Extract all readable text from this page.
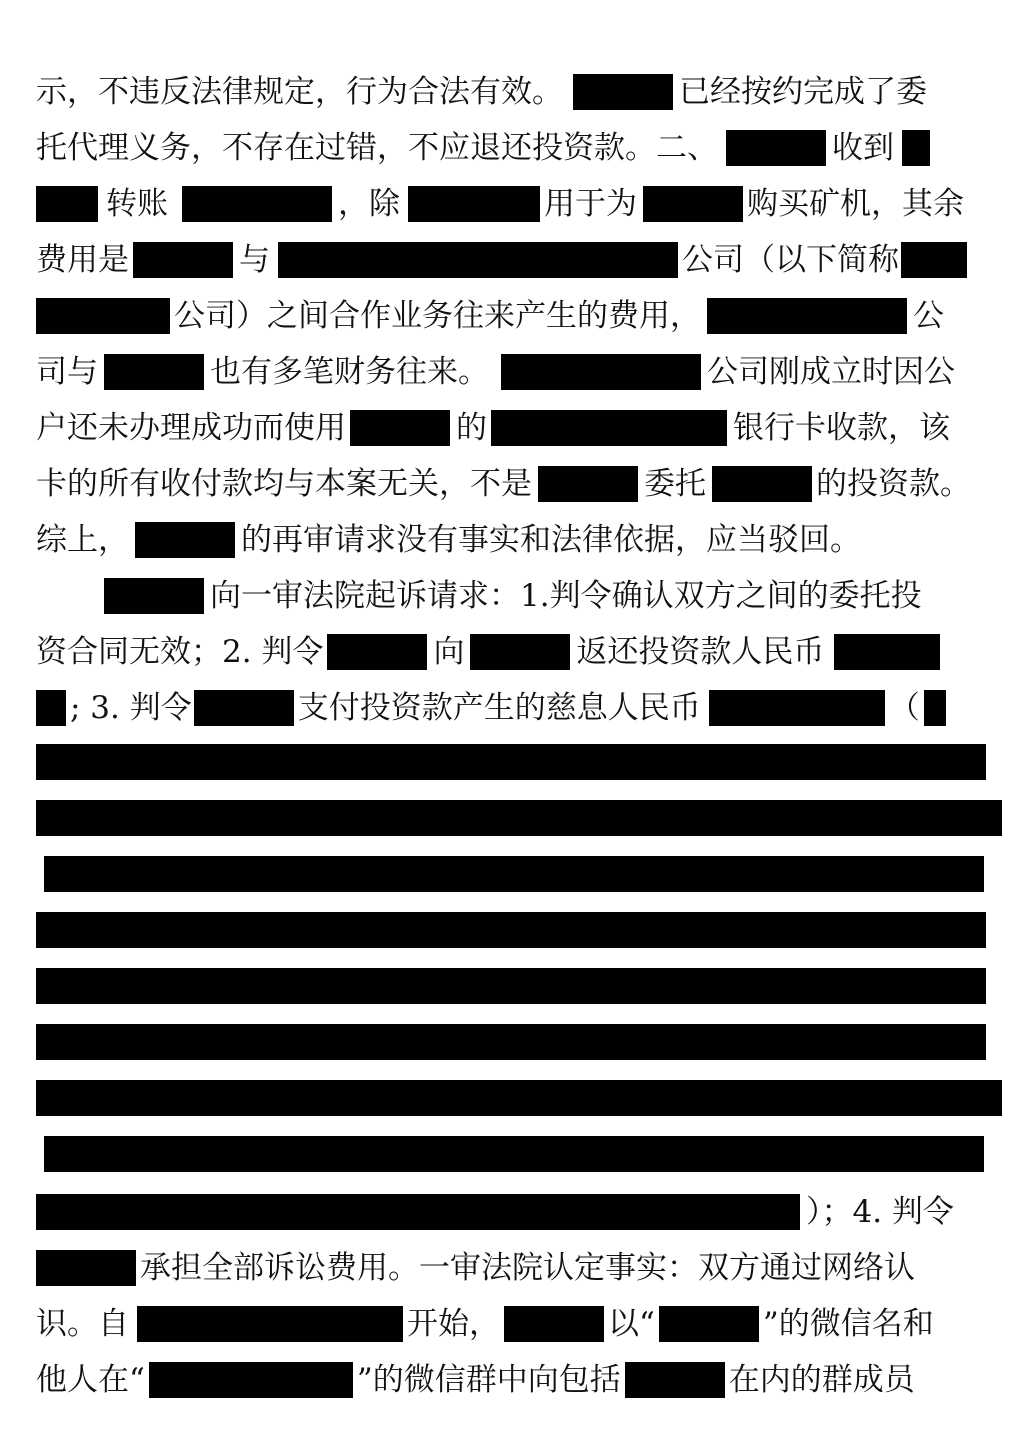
示，不违反法律规定，行为合法有效。	已经按约完成了委
托代理义务，不存在过错，不应退还投资款。二、	收到
转账	，除	用于为	购买矿机，其余
费用是	与	公司（以下简称
公司）之间合作业务往来产生的费用，	公
司与	也有多笔财务往来。	公司刚成立时因公
户还未办理成功而使用	的	银行卡收款，该
卡的所有收付款均与本案无关，不是	委托	的投资款。
综上，	的再审请求没有事实和法律依据，应当驳回。
向一审法院起诉请求：1.判令确认双方之间的委托投
资合同无效；2. 判令	向	返还投资款人民币
; 3. 判令	支付投资款产生的慈息人民币	（
）；4. 判令
承担全部诉讼费用。一审法院认定事实：双方通过网络认
识。自	开始，	以“	”的微信名和
他人在“	”的微信群中向包括	在内的群成员
